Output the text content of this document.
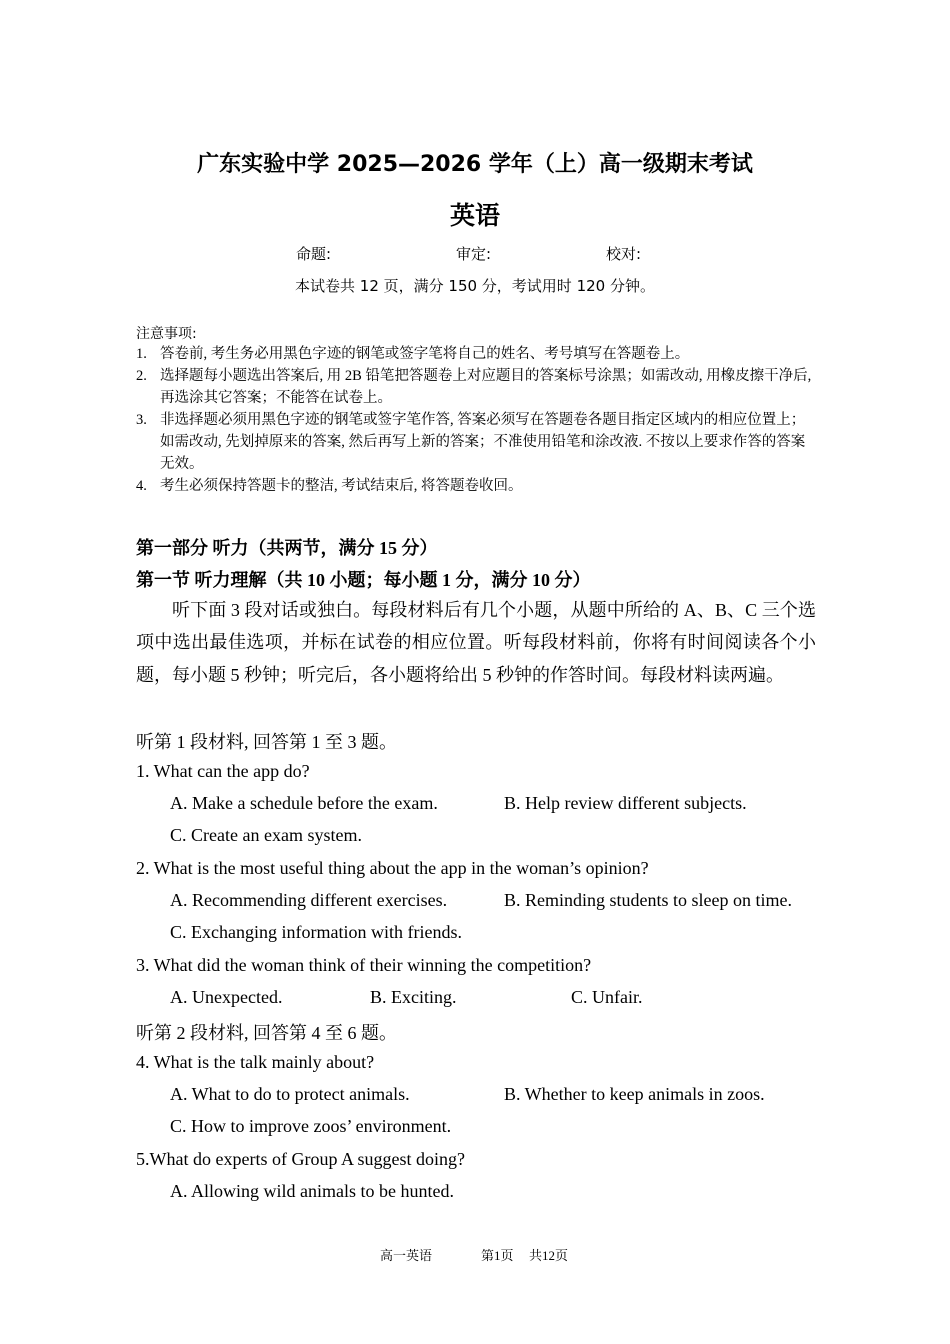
广东实验中学 2025—2026 学年（上）高一级期末考试
英语
命题:	审定:	校对:
本试卷共 12 页，满分 150 分，考试用时 120 分钟。
注意事项:
1. 答卷前, 考生务必用黑色字迹的钢笔或签字笔将自己的姓名、考号填写在答题卷上。
2. 选择题每小题选出答案后, 用 2B 铅笔把答题卷上对应题目的答案标号涂黑；如需改动, 用橡皮擦干净后, 再选涂其它答案；不能答在试卷上。
3. 非选择题必须用黑色字迹的钢笔或签字笔作答, 答案必须写在答题卷各题目指定区域内的相应位置上；如需改动, 先划掉原来的答案, 然后再写上新的答案；不准使用铅笔和涂改液. 不按以上要求作答的答案无效。
4. 考生必须保持答题卡的整洁, 考试结束后, 将答题卷收回。
第一部分 听力（共两节，满分 15 分）
第一节 听力理解（共 10 小题；每小题 1 分，满分 10 分）
听下面 3 段对话或独白。每段材料后有几个小题，从题中所给的 A、B、C 三个选项中选出最佳选项，并标在试卷的相应位置。听每段材料前，你将有时间阅读各个小题，每小题 5 秒钟；听完后，各小题将给出 5 秒钟的作答时间。每段材料读两遍。
听第 1 段材料, 回答第 1 至 3 题。
1. What can the app do?
A. Make a schedule before the exam.	B. Help review different subjects.
C. Create an exam system.
2. What is the most useful thing about the app in the woman’s opinion?
A. Recommending different exercises.	B. Reminding students to sleep on time.
C. Exchanging information with friends.
3. What did the woman think of their winning the competition?
A. Unexpected.	B. Exciting.	C. Unfair.
听第 2 段材料, 回答第 4 至 6 题。
4. What is the talk mainly about?
A. What to do to protect animals.	B. Whether to keep animals in zoos.
C. How to improve zoos’ environment.
5.What do experts of Group A suggest doing?
A. Allowing wild animals to be hunted.
高一英语	第1页 共12页
